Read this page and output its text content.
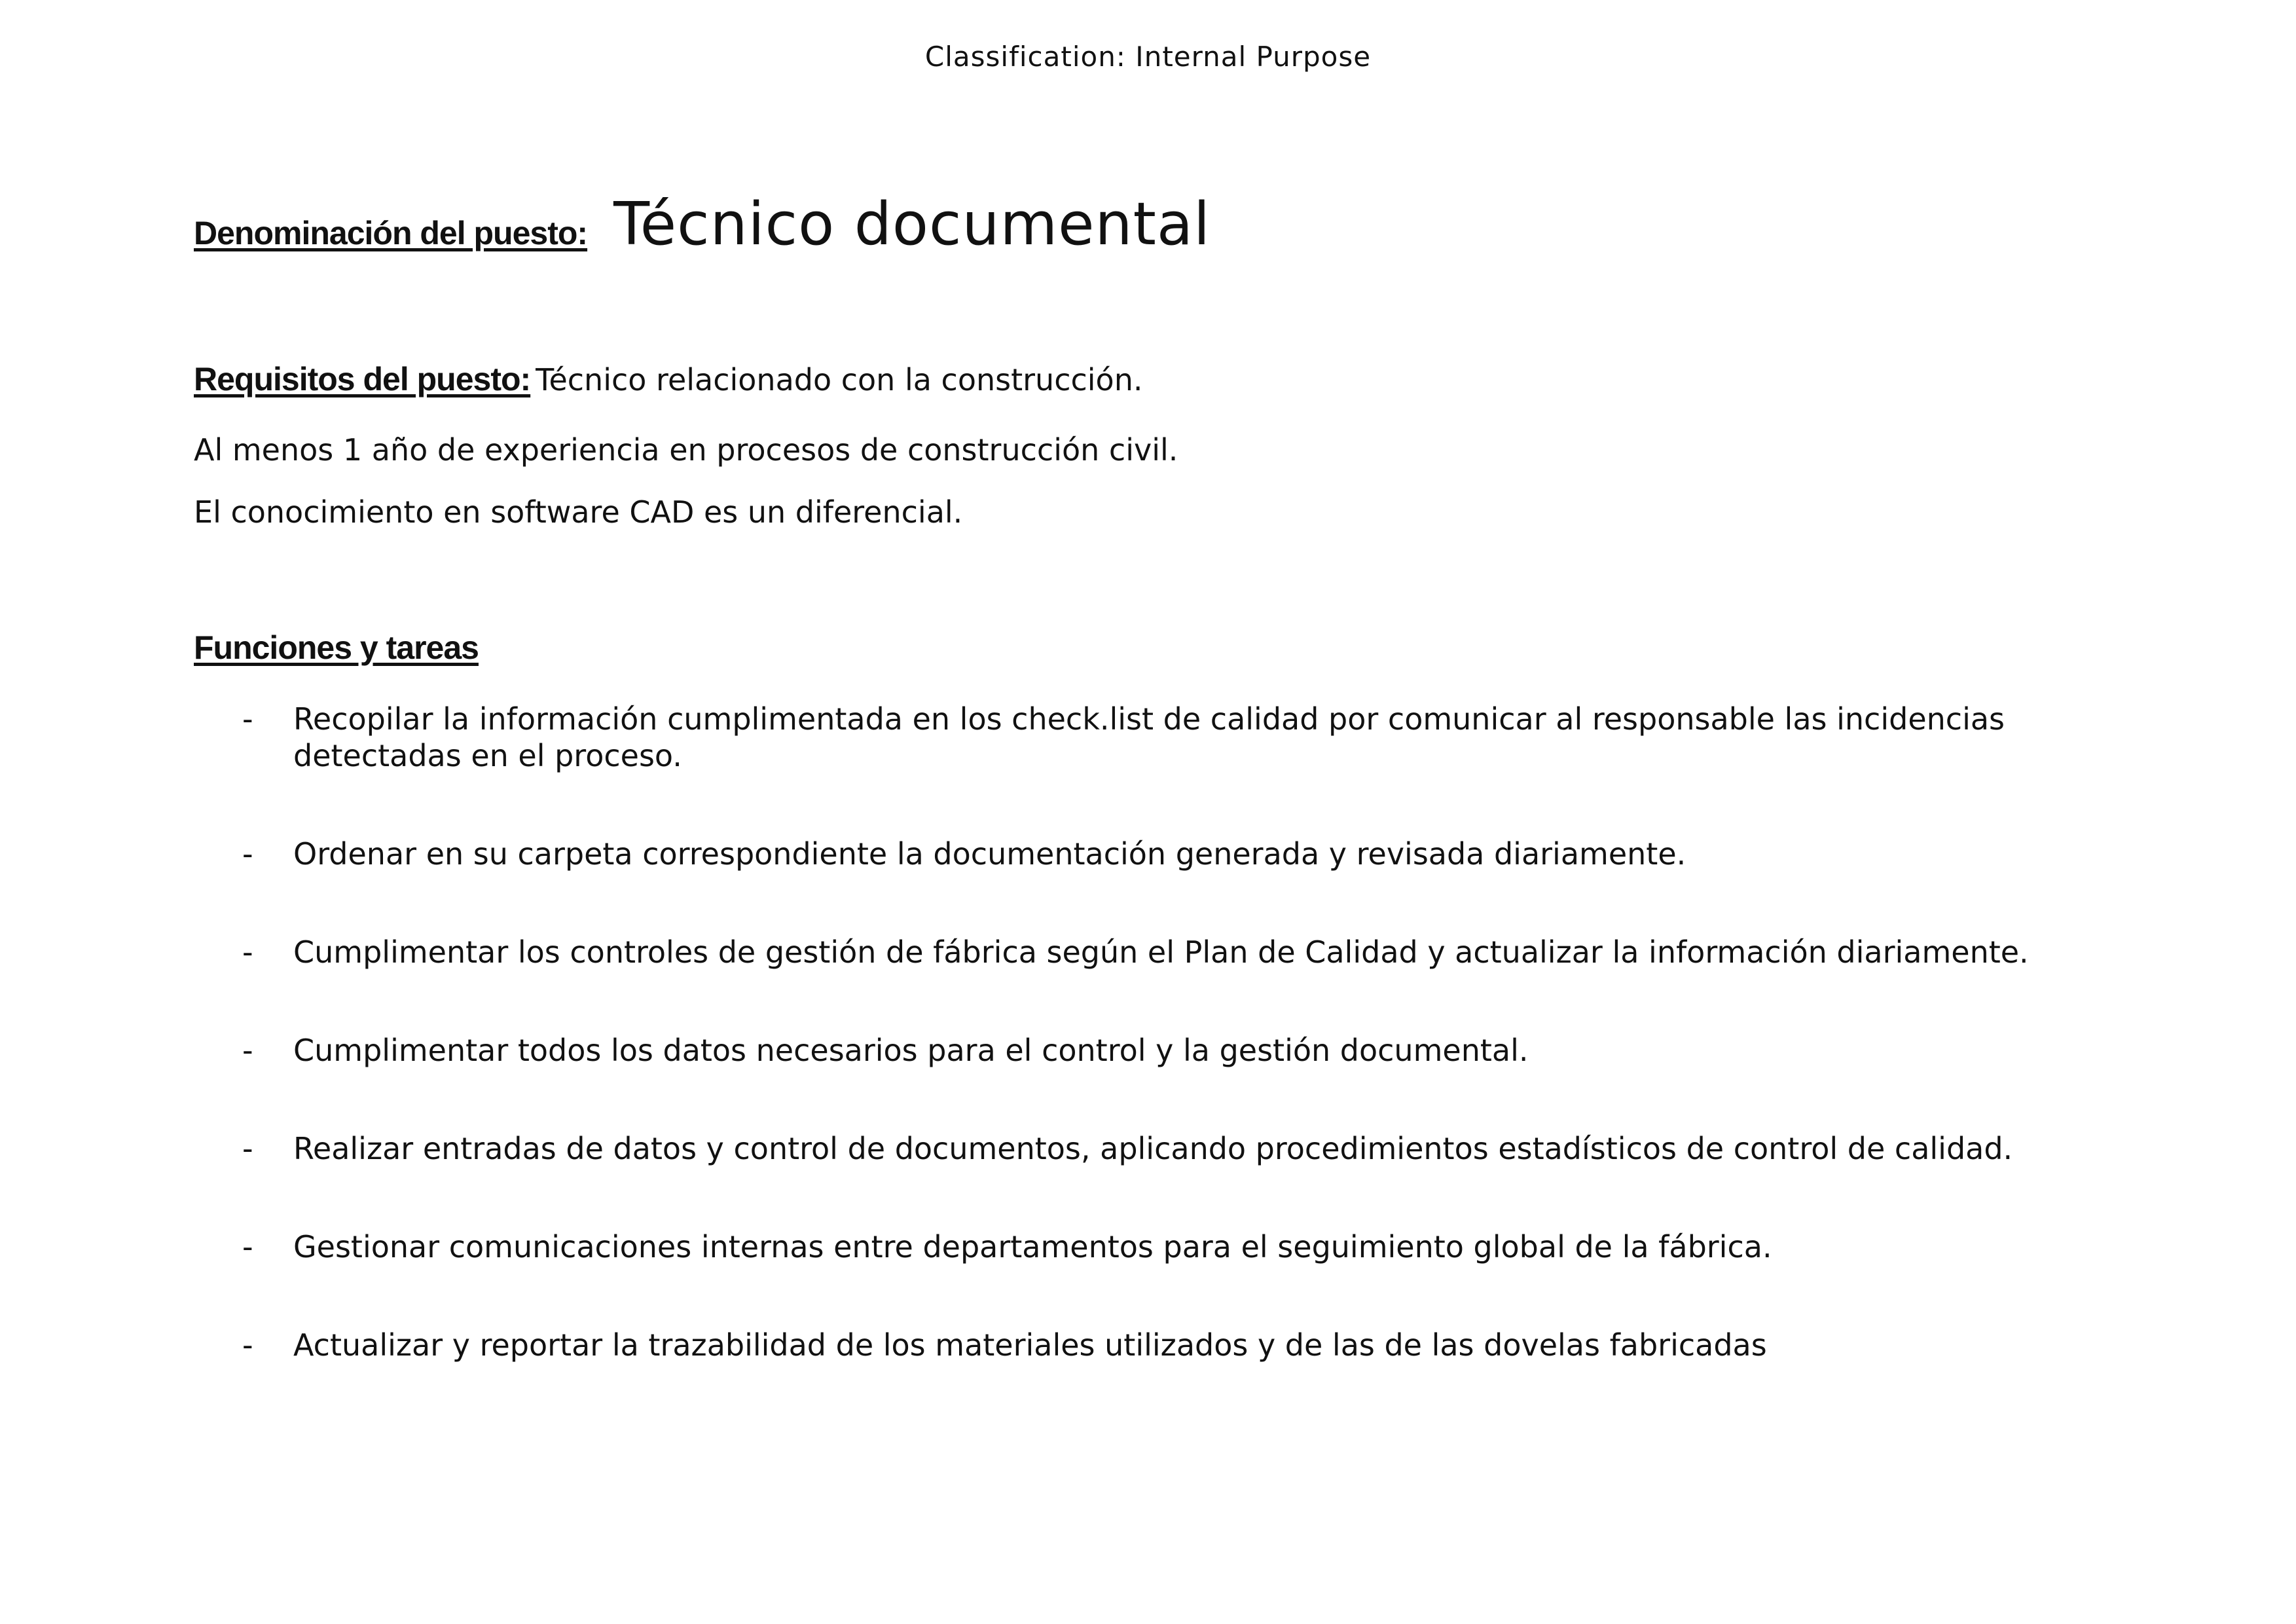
Classification: Internal Purpose
Denominación del puesto: Técnico documental
Requisitos del puesto: Técnico relacionado con la construcción.
Al menos 1 año de experiencia en procesos de construcción civil.
El conocimiento en software CAD es un diferencial.
Funciones y tareas
- Recopilar la información cumplimentada en los check.list de calidad por comunicar al responsable las incidencias detectadas en el proceso.
- Ordenar en su carpeta correspondiente la documentación generada y revisada diariamente.
- Cumplimentar los controles de gestión de fábrica según el Plan de Calidad y actualizar la información diariamente.
- Cumplimentar todos los datos necesarios para el control y la gestión documental.
- Realizar entradas de datos y control de documentos, aplicando procedimientos estadísticos de control de calidad.
- Gestionar comunicaciones internas entre departamentos para el seguimiento global de la fábrica.
- Actualizar y reportar la trazabilidad de los materiales utilizados y de las de las dovelas fabricadas
